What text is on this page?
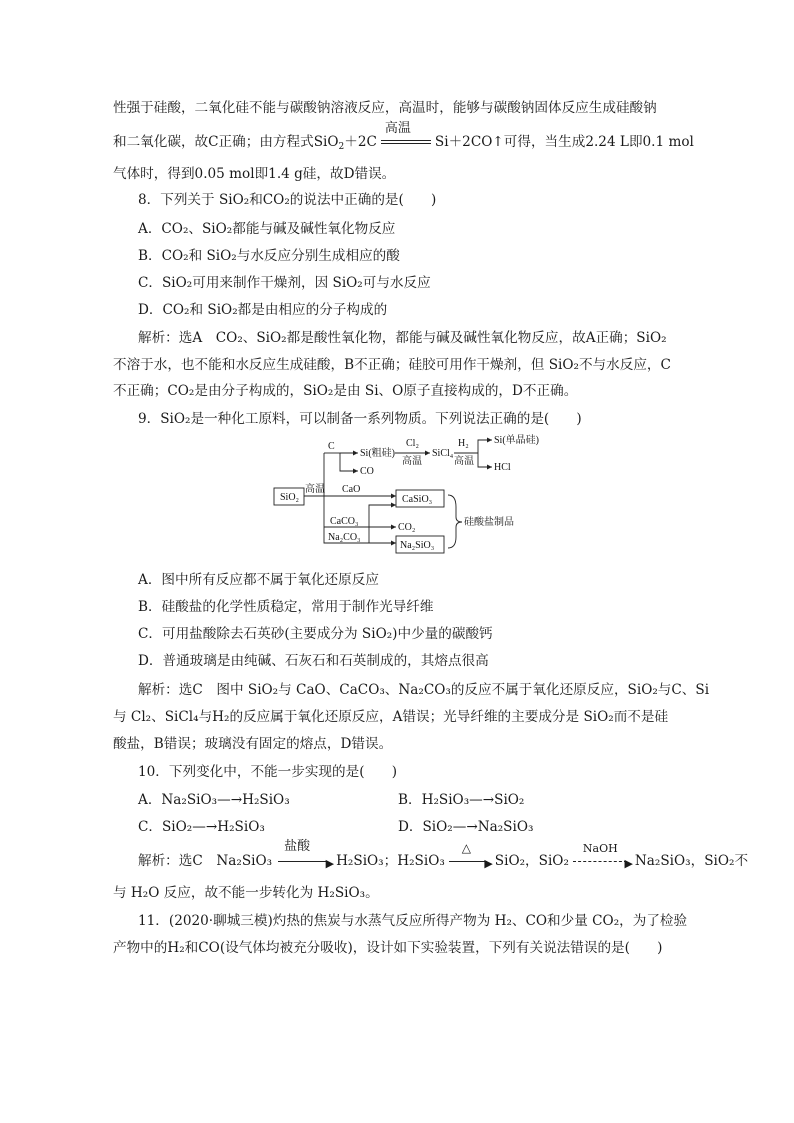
性强于硅酸，二氧化硅不能与碳酸钠溶液反应，高温时，能够与碳酸钠固体反应生成硅酸钠
和二氧化碳，故C正确；由方程式SiO$_2$＋2C
高温
Si＋2CO↑可得，当生成2.24 L即0.1 mol
气体时，得到0.05 mol即1.4 g硅，故D错误。
8．下列关于 SiO₂和CO₂的说法中正确的是(　　)
A．CO₂、SiO₂都能与碱及碱性氧化物反应
B．CO₂和 SiO₂与水反应分别生成相应的酸
C．SiO₂可用来制作干燥剂，因 SiO₂可与水反应
D．CO₂和 SiO₂都是由相应的分子构成的
解析：选A　CO₂、SiO₂都是酸性氧化物，都能与碱及碱性氧化物反应，故A正确；SiO₂
不溶于水，也不能和水反应生成硅酸，B不正确；硅胶可用作干燥剂，但 SiO₂不与水反应，C
不正确；CO₂是由分子构成的，SiO₂是由 Si、O原子直接构成的，D不正确。
9．SiO₂是一种化工原料，可以制备一系列物质。下列说法正确的是(　　)
SiO₂
高温
C
Si(粗硅)
CO
Cl₂
高温
SiCl₄
H₂
高温
Si(单晶硅)
HCl
CaO
CaSiO₃
CaCO₃
CO₂
Na₂CO₃
Na₂SiO₃
硅酸盐制品
A．图中所有反应都不属于氧化还原反应
B．硅酸盐的化学性质稳定，常用于制作光导纤维
C．可用盐酸除去石英砂(主要成分为 SiO₂)中少量的碳酸钙
D．普通玻璃是由纯碱、石灰石和石英制成的，其熔点很高
解析：选C　图中 SiO₂与 CaO、CaCO₃、Na₂CO₃的反应不属于氧化还原反应，SiO₂与C、Si
与 Cl₂、SiCl₄与H₂的反应属于氧化还原反应，A错误；光导纤维的主要成分是 SiO₂而不是硅
酸盐，B错误；玻璃没有固定的熔点，D错误。
10．下列变化中，不能一步实现的是(　　)
A．Na₂SiO₃—→H₂SiO₃	B．H₂SiO₃—→SiO₂
C．SiO₂—→H₂SiO₃	D．SiO₂—→Na₂SiO₃
解析：选C　Na₂SiO₃
盐酸
▶ H₂SiO₃；H₂SiO₃
△
▶ SiO₂，SiO₂
NaOH
▶ Na₂SiO₃，SiO₂不
与 H₂O 反应，故不能一步转化为 H₂SiO₃。
11．(2020·聊城三模)灼热的焦炭与水蒸气反应所得产物为 H₂、CO和少量 CO₂，为了检验
产物中的H₂和CO(设气体均被充分吸收)，设计如下实验装置，下列有关说法错误的是(　　)
